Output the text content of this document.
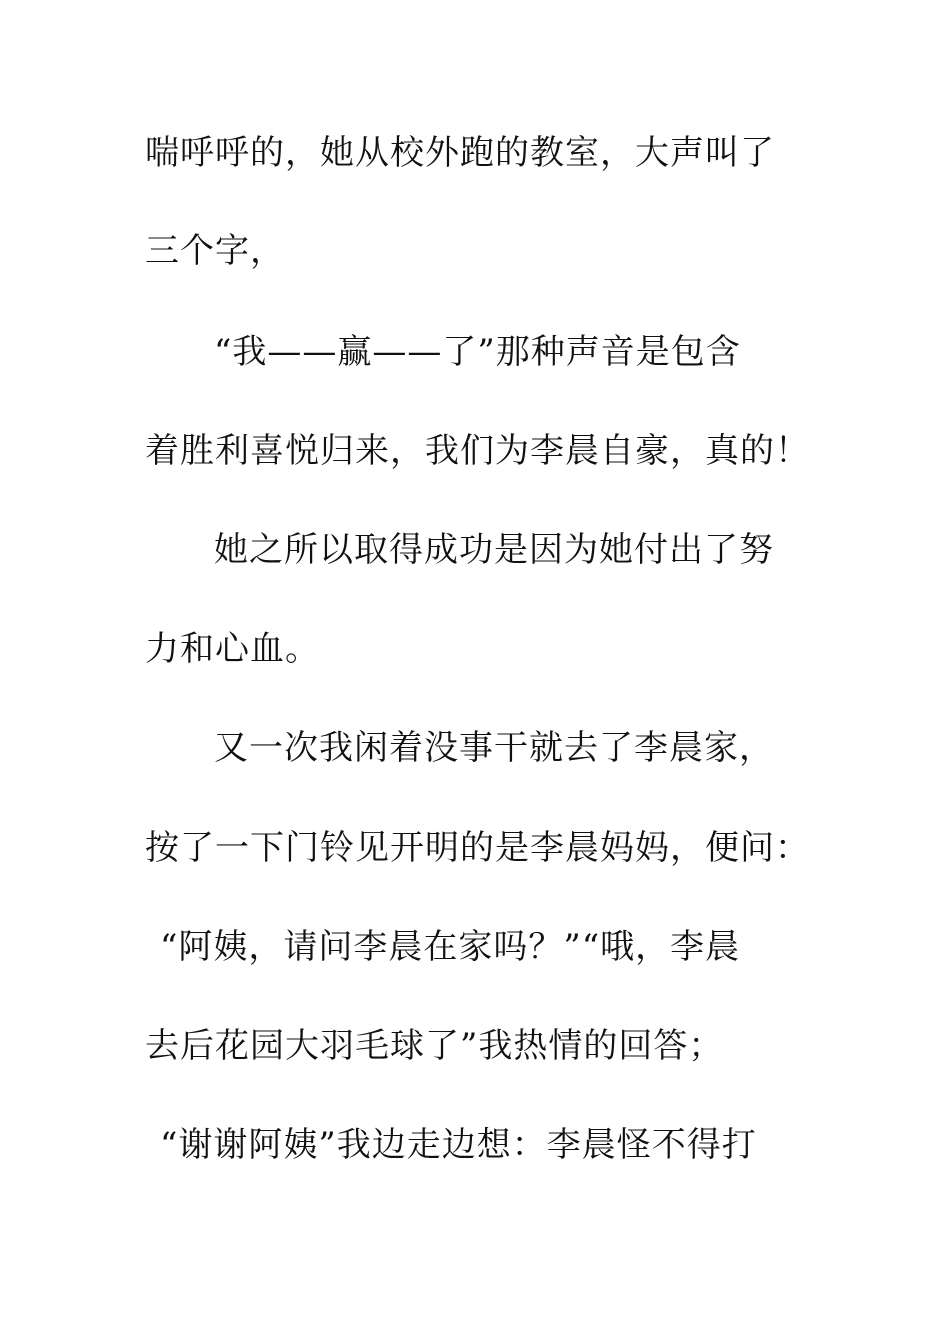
喘呼呼的，她从校外跑的教室，大声叫了
三个字，
“我——赢——了”那种声音是包含
着胜利喜悦归来，我们为李晨自豪，真的！
她之所以取得成功是因为她付出了努
力和心血。
又一次我闲着没事干就去了李晨家，
按了一下门铃见开明的是李晨妈妈，便问：
“阿姨，请问李晨在家吗？”“哦，李晨
去后花园大羽毛球了”我热情的回答；
“谢谢阿姨”我边走边想：李晨怪不得打
